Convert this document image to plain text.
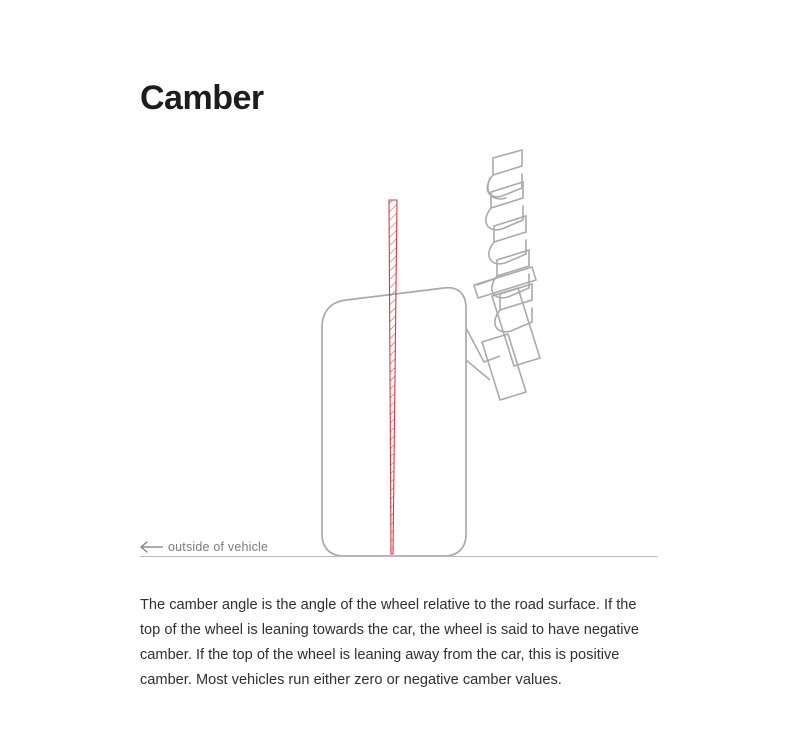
Camber
outside of vehicle

The camber angle is the angle of the wheel relative to the road surface. If the top of the wheel is leaning towards the car, the wheel is said to have negative camber. If the top of the wheel is leaning away from the car, this is positive camber. Most vehicles run either zero or negative camber values.
